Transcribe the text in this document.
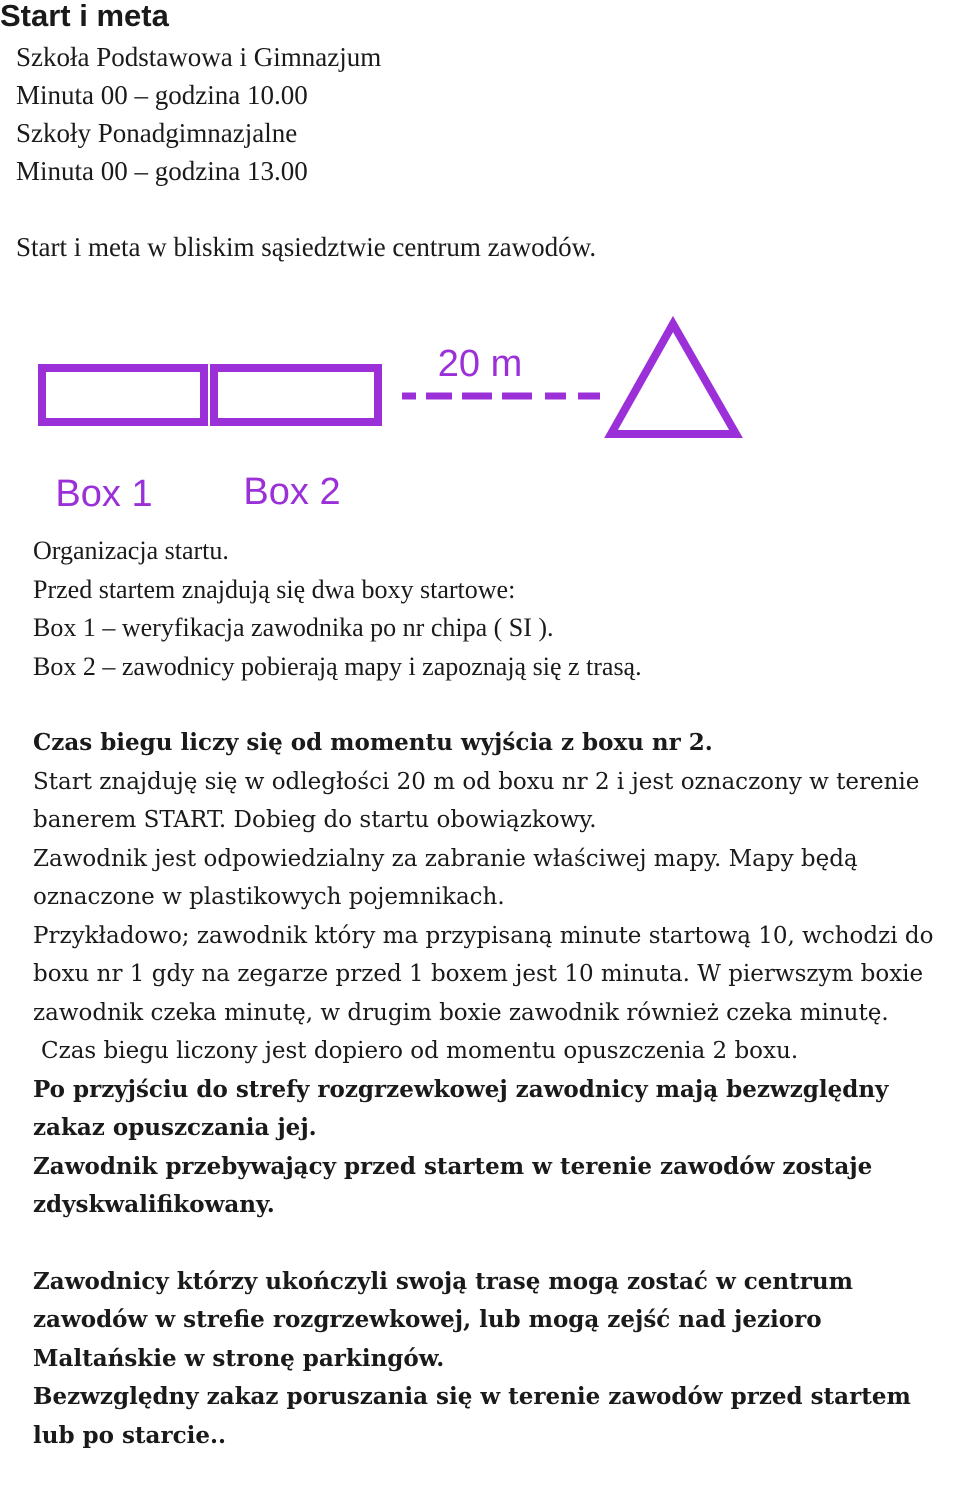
Start i meta
Szkoła Podstawowa i Gimnazjum
Minuta 00 – godzina 10.00
Szkoły Ponadgimnazjalne
Minuta 00 – godzina 13.00
Start i meta w bliskim sąsiedztwie centrum zawodów.
20 m
Box 1 Box 2

Organizacja startu.

Przed startem znajdują się dwa boxy startowe:

Box 1 – weryfikacja zawodnika po nr chipa ( SI ).

Box 2 – zawodnicy pobierają mapy i zapoznają się z trasą.

Czas biegu liczy się od momentu wyjścia z boxu nr 2.

Start znajduję się w odległości 20 m od boxu nr 2 i jest oznaczony w terenie banerem START. Dobieg do startu obowiązkowy.

Zawodnik jest odpowiedzialny za zabranie właściwej mapy. Mapy będą oznaczone w plastikowych pojemnikach.

Przykładowo; zawodnik który ma przypisaną minute startową 10, wchodzi do boxu nr 1 gdy na zegarze przed 1 boxem jest 10 minuta. W pierwszym boxie zawodnik czeka minutę, w drugim boxie zawodnik również czeka minutę.

Czas biegu liczony jest dopiero od momentu opuszczenia 2 boxu.

Po przyjściu do strefy rozgrzewkowej zawodnicy mają bezwzględny zakaz opuszczania jej.

Zawodnik przebywający przed startem w terenie zawodów zostaje zdyskwalifikowany.

Zawodnicy którzy ukończyli swoją trasę mogą zostać w centrum zawodów w strefie rozgrzewkowej, lub mogą zejść nad jezioro Maltańskie w stronę parkingów.

Bezwzględny zakaz poruszania się w terenie zawodów przed startem lub po starcie..
